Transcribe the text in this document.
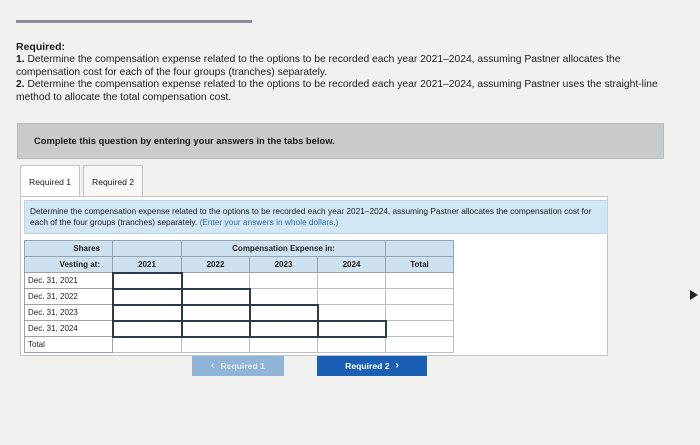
Required:
1. Determine the compensation expense related to the options to be recorded each year 2021–2024, assuming Pastner allocates the compensation cost for each of the four groups (tranches) separately.
2. Determine the compensation expense related to the options to be recorded each year 2021–2024, assuming Pastner uses the straight-line method to allocate the total compensation cost.
Complete this question by entering your answers in the tabs below.
Required 1	Required 2
Determine the compensation expense related to the options to be recorded each year 2021–2024, assuming Pastner allocates the compensation cost for each of the four groups (tranches) separately. (Enter your answers in whole dollars.)
Shares		Compensation Expense in:			
Vesting at:	2021	2022	2023	2024	Total
Dec. 31, 2021					
Dec. 31, 2022					
Dec. 31, 2023					
Dec. 31, 2024					
Total					
‹ Required 1	Required 2 ›
